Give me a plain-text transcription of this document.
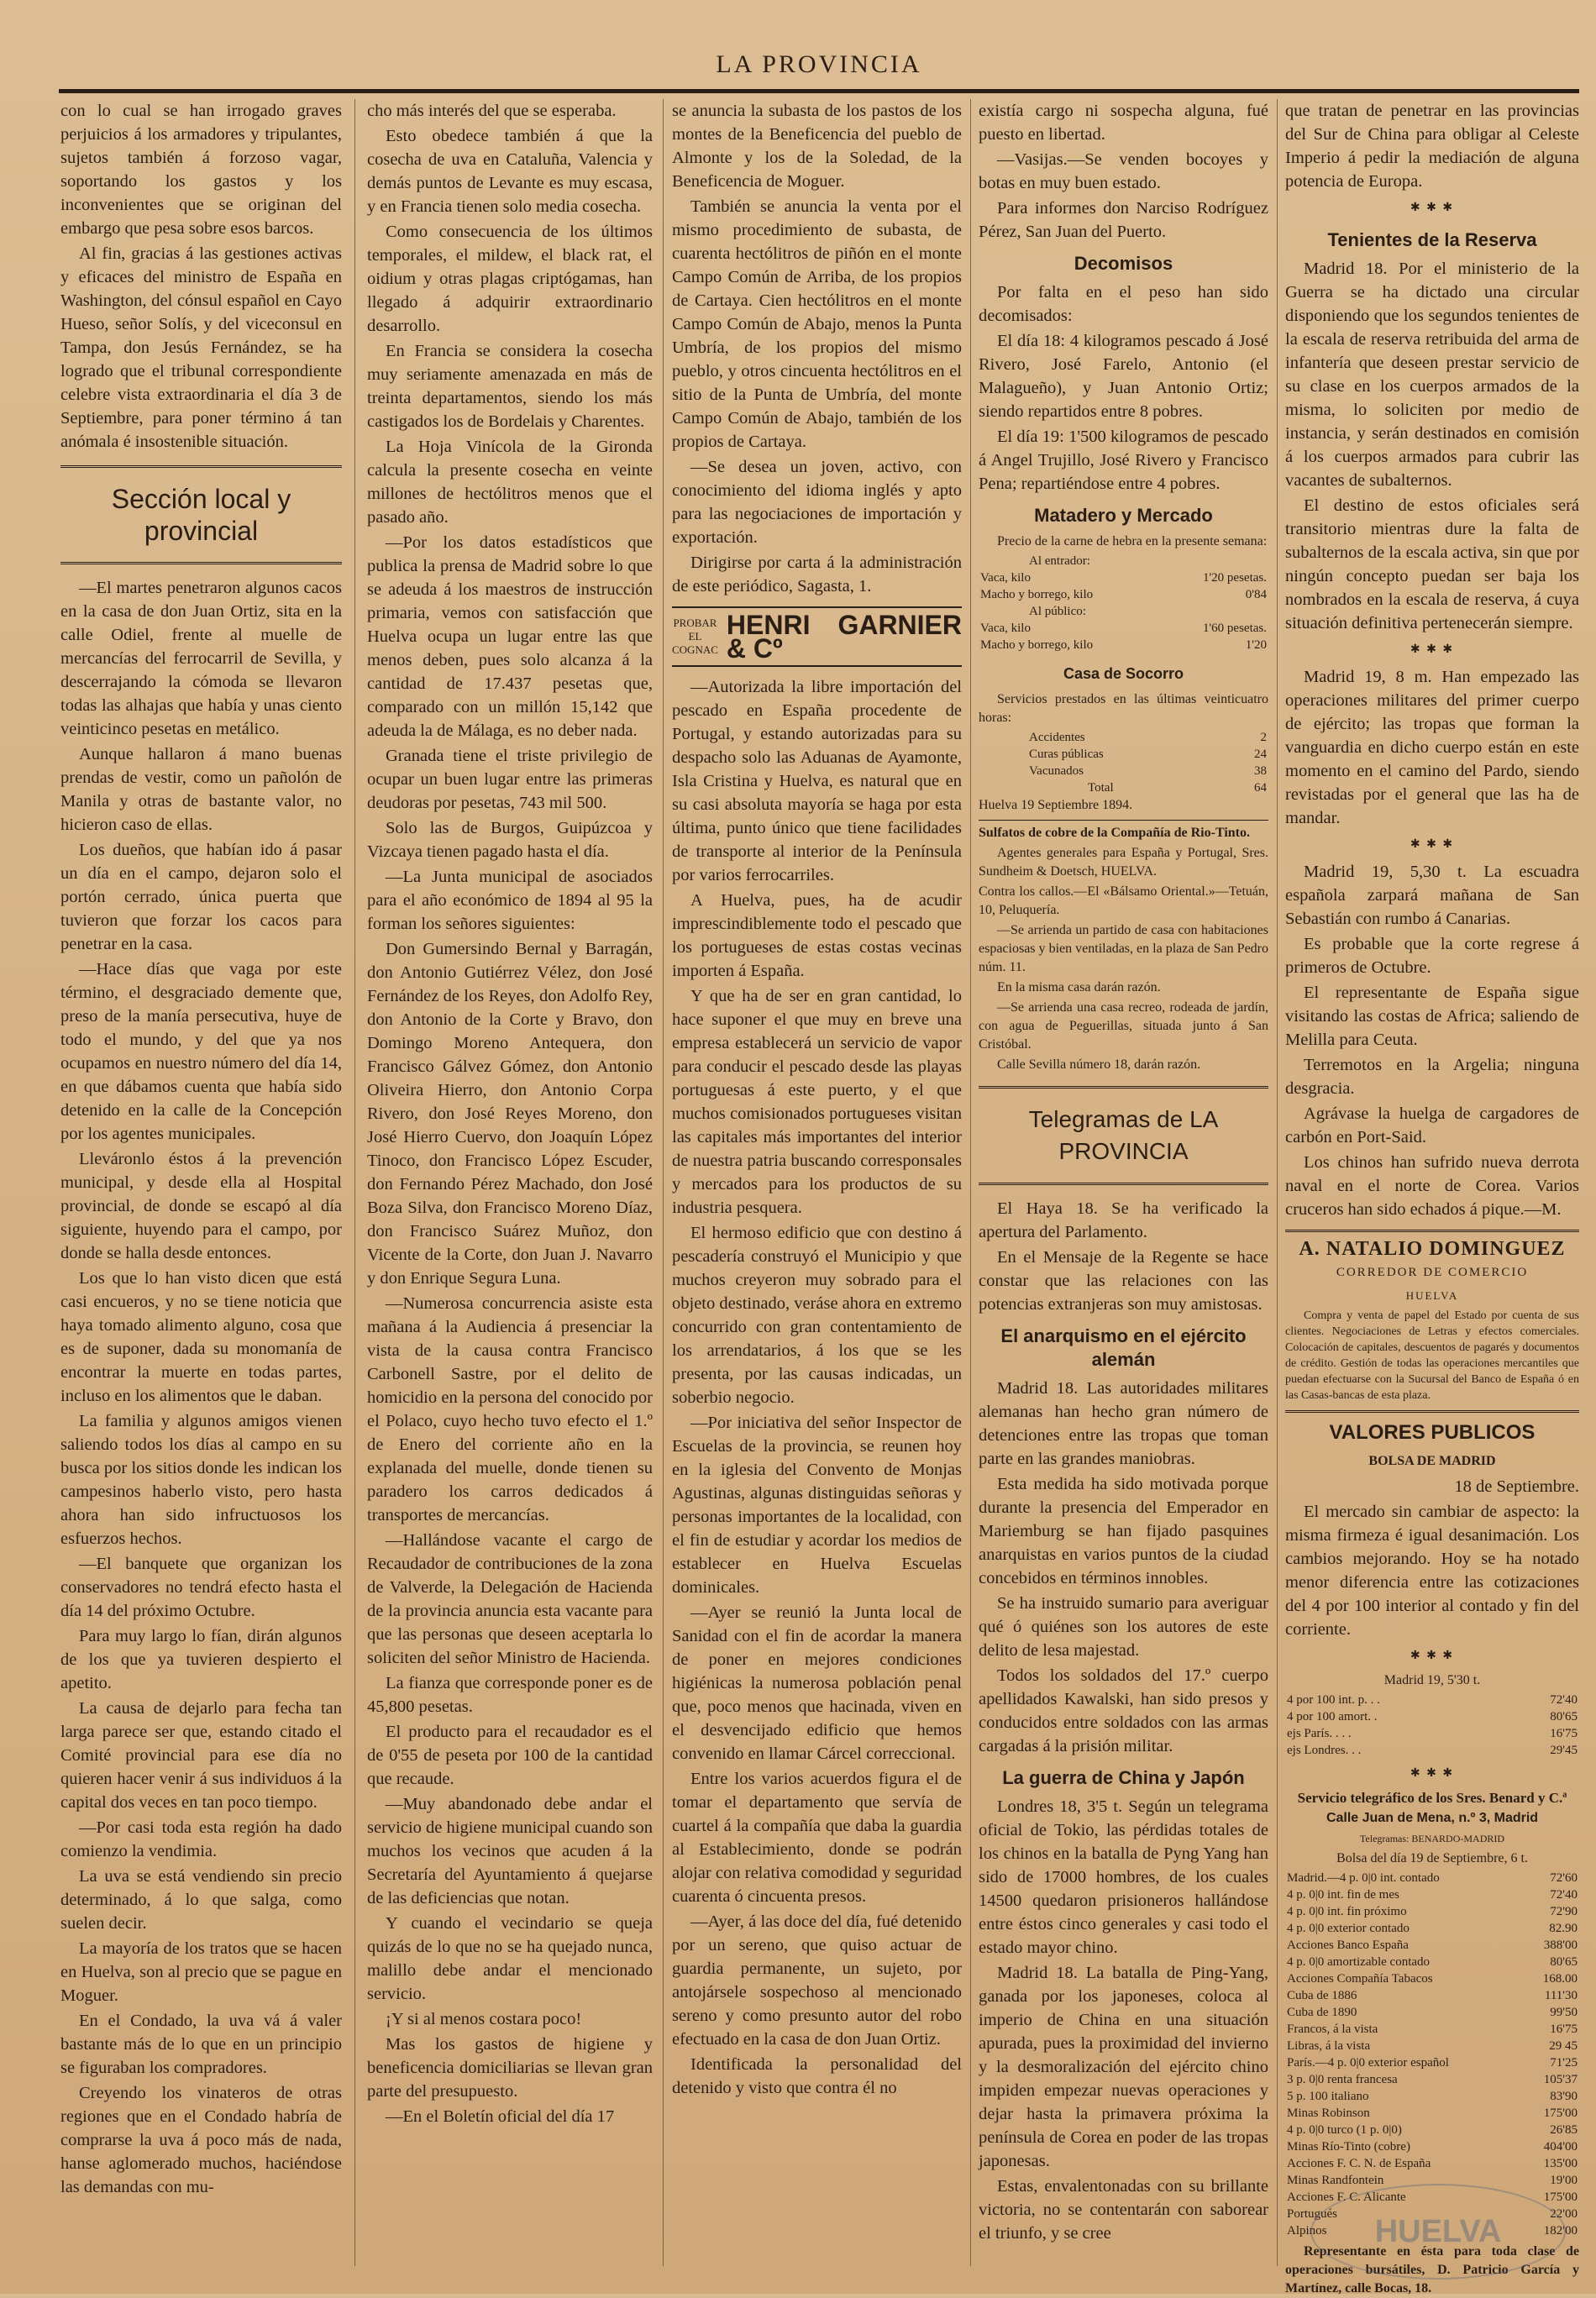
LA PROVINCIA

con lo cual se han irrogado graves perjuicios á los armadores y tripulantes, sujetos también á forzoso vagar, soportando los gastos y los inconvenientes que se originan del embargo que pesa sobre esos barcos.

Al fin, gracias á las gestiones activas y eficaces del ministro de España en Washington, del cónsul español en Cayo Hueso, señor Solís, y del viceconsul en Tampa, don Jesús Fernández, se ha logrado que el tribunal correspondiente celebre vista extraordinaria el día 3 de Septiembre, para poner término á tan anómala é insostenible situación.

Sección local y provincial

—El martes penetraron algunos cacos en la casa de don Juan Ortiz, sita en la calle Odiel, frente al muelle de mercancías del ferrocarril de Sevilla, y descerrajando la cómoda se llevaron todas las alhajas que había y unas ciento veinticinco pesetas en metálico.

Aunque hallaron á mano buenas prendas de vestir, como un pañolón de Manila y otras de bastante valor, no hicieron caso de ellas.

Los dueños, que habían ido á pasar un día en el campo, dejaron solo el portón cerrado, única puerta que tuvieron que forzar los cacos para penetrar en la casa.

—Hace días que vaga por este término, el desgraciado demente que, preso de la manía persecutiva, huye de todo el mundo, y del que ya nos ocupamos en nuestro número del día 14, en que dábamos cuenta que había sido detenido en la calle de la Concepción por los agentes municipales.

Lleváronlo éstos á la prevención municipal, y desde ella al Hospital provincial, de donde se escapó al día siguiente, huyendo para el campo, por donde se halla desde entonces.

Los que lo han visto dicen que está casi encueros, y no se tiene noticia que haya tomado alimento alguno, cosa que es de suponer, dada su monomanía de encontrar la muerte en todas partes, incluso en los alimentos que le daban.

La familia y algunos amigos vienen saliendo todos los días al campo en su busca por los sitios donde les indican los campesinos haberlo visto, pero hasta ahora han sido infructuosos los esfuerzos hechos.

—El banquete que organizan los conservadores no tendrá efecto hasta el día 14 del próximo Octubre.

Para muy largo lo fían, dirán algunos de los que ya tuvieren despierto el apetito.

La causa de dejarlo para fecha tan larga parece ser que, estando citado el Comité provincial para ese día no quieren hacer venir á sus individuos á la capital dos veces en tan poco tiempo.

—Por casi toda esta región ha dado comienzo la vendimia.

La uva se está vendiendo sin precio determinado, á lo que salga, como suelen decir.

La mayoría de los tratos que se hacen en Huelva, son al precio que se pague en Moguer.

En el Condado, la uva vá á valer bastante más de lo que en un principio se figuraban los compradores.

Creyendo los vinateros de otras regiones que en el Condado habría de comprarse la uva á poco más de nada, hanse aglomerado muchos, haciéndose las demandas con mu-

cho más interés del que se esperaba.

Esto obedece también á que la cosecha de uva en Cataluña, Valencia y demás puntos de Levante es muy escasa, y en Francia tienen solo media cosecha.

Como consecuencia de los últimos temporales, el mildew, el black rat, el oidium y otras plagas criptógamas, han llegado á adquirir extraordinario desarrollo.

En Francia se considera la cosecha muy seriamente amenazada en más de treinta departamentos, siendo los más castigados los de Bordelais y Charentes.

La Hoja Vinícola de la Gironda calcula la presente cosecha en veinte millones de hectólitros menos que el pasado año.

—Por los datos estadísticos que publica la prensa de Madrid sobre lo que se adeuda á los maestros de instrucción primaria, vemos con satisfacción que Huelva ocupa un lugar entre las que menos deben, pues solo alcanza á la cantidad de 17.437 pesetas que, comparado con un millón 15,142 que adeuda la de Málaga, es no deber nada.

Granada tiene el triste privilegio de ocupar un buen lugar entre las primeras deudoras por pesetas, 743 mil 500.

Solo las de Burgos, Guipúzcoa y Vizcaya tienen pagado hasta el día.

—La Junta municipal de asociados para el año económico de 1894 al 95 la forman los señores siguientes:

Don Gumersindo Bernal y Barragán, don Antonio Gutiérrez Vélez, don José Fernández de los Reyes, don Adolfo Rey, don Antonio de la Corte y Bravo, don Domingo Moreno Antequera, don Francisco Gálvez Gómez, don Antonio Oliveira Hierro, don Antonio Corpa Rivero, don José Reyes Moreno, don José Hierro Cuervo, don Joaquín López Tinoco, don Francisco López Escuder, don Fernando Pérez Machado, don José Boza Silva, don Francisco Moreno Díaz, don Francisco Suárez Muñoz, don Vicente de la Corte, don Juan J. Navarro y don Enrique Segura Luna.

—Numerosa concurrencia asiste esta mañana á la Audiencia á presenciar la vista de la causa contra Francisco Carbonell Sastre, por el delito de homicidio en la persona del conocido por el Polaco, cuyo hecho tuvo efecto el 1.º de Enero del corriente año en la explanada del muelle, donde tienen su paradero los carros dedicados á transportes de mercancías.

—Hallándose vacante el cargo de Recaudador de contribuciones de la zona de Valverde, la Delegación de Hacienda de la provincia anuncia esta vacante para que las personas que deseen aceptarla lo soliciten del señor Ministro de Hacienda.

La fianza que corresponde poner es de 45,800 pesetas.

El producto para el recaudador es el de 0'55 de peseta por 100 de la cantidad que recaude.

—Muy abandonado debe andar el servicio de higiene municipal cuando son muchos los vecinos que acuden á la Secretaría del Ayuntamiento á quejarse de las deficiencias que notan.

Y cuando el vecindario se queja quizás de lo que no se ha quejado nunca, malillo debe andar el mencionado servicio.

¡Y si al menos costara poco!

Mas los gastos de higiene y beneficencia domiciliarias se llevan gran parte del presupuesto.

—En el Boletín oficial del día 17

se anuncia la subasta de los pastos de los montes de la Beneficencia del pueblo de Almonte y los de la Soledad, de la Beneficencia de Moguer.

También se anuncia la venta por el mismo procedimiento de subasta, de cuarenta hectólitros de piñón en el monte Campo Común de Arriba, de los propios de Cartaya. Cien hectólitros en el monte Campo Común de Abajo, menos la Punta Umbría, de los propios del mismo pueblo, y otros cincuenta hectólitros en el sitio de la Punta de Umbría, del monte Campo Común de Abajo, también de los propios de Cartaya.

—Se desea un joven, activo, con conocimiento del idioma inglés y apto para las negociaciones de importación y exportación.

Dirigirse por carta á la administración de este periódico, Sagasta, 1.

PROBAR
EL
COGNAC
HENRI GARNIER & Cº

—Autorizada la libre importación del pescado en España procedente de Portugal, y estando autorizadas para su despacho solo las Aduanas de Ayamonte, Isla Cristina y Huelva, es natural que en su casi absoluta mayoría se haga por esta última, punto único que tiene facilidades de transporte al interior de la Península por varios ferrocarriles.

A Huelva, pues, ha de acudir imprescindiblemente todo el pescado que los portugueses de estas costas vecinas importen á España.

Y que ha de ser en gran cantidad, lo hace suponer el que muy en breve una empresa establecerá un servicio de vapor para conducir el pescado desde las playas portuguesas á este puerto, y el que muchos comisionados portugueses visitan las capitales más importantes del interior de nuestra patria buscando corresponsales y mercados para los productos de su industria pesquera.

El hermoso edificio que con destino á pescadería construyó el Municipio y que muchos creyeron muy sobrado para el objeto destinado, veráse ahora en extremo concurrido con gran contentamiento de los arrendatarios, á los que se les presenta, por las causas indicadas, un soberbio negocio.

—Por iniciativa del señor Inspector de Escuelas de la provincia, se reunen hoy en la iglesia del Convento de Monjas Agustinas, algunas distinguidas señoras y personas importantes de la localidad, con el fin de estudiar y acordar los medios de establecer en Huelva Escuelas dominicales.

—Ayer se reunió la Junta local de Sanidad con el fin de acordar la manera de poner en mejores condiciones higiénicas la numerosa población penal que, poco menos que hacinada, viven en el desvencijado edificio que hemos convenido en llamar Cárcel correccional.

Entre los varios acuerdos figura el de tomar el departamento que servía de cuartel á la compañía que daba la guardia al Establecimiento, donde se podrán alojar con relativa comodidad y seguridad cuarenta ó cincuenta presos.

—Ayer, á las doce del día, fué detenido por un sereno, que quiso actuar de guardia permanente, un sujeto, por antojársele sospechoso al mencionado sereno y como presunto autor del robo efectuado en la casa de don Juan Ortiz.

Identificada la personalidad del detenido y visto que contra él no

existía cargo ni sospecha alguna, fué puesto en libertad.

—Vasijas.—Se venden bocoyes y botas en muy buen estado.

Para informes don Narciso Rodríguez Pérez, San Juan del Puerto.

Decomisos

Por falta en el peso han sido decomisados:

El día 18: 4 kilogramos pescado á José Rivero, José Farelo, Antonio (el Malagueño), y Juan Antonio Ortiz; siendo repartidos entre 8 pobres.

El día 19: 1'500 kilogramos de pescado á Angel Trujillo, José Rivero y Francisco Pena; repartiéndose entre 4 pobres.

Matadero y Mercado

Precio de la carne de hebra en la presente semana:

Al entrador:	
Vaca, kilo	1'20 pesetas.
Macho y borrego, kilo	0'84
Al público:	
Vaca, kilo	1'60 pesetas.
Macho y borrego, kilo	1'20
Casa de Socorro

Servicios prestados en las últimas veinticuatro horas:

Accidentes	2
Curas públicas	24
Vacunados	38
Total	64

Huelva 19 Septiembre 1894.

Sulfatos de cobre de la Compañía de Rio-Tinto.

Agentes generales para España y Portugal, Sres. Sundheim & Doetsch, HUELVA.

Contra los callos.—El «Bálsamo Oriental.»—Tetuán, 10, Peluquería.

—Se arrienda un partido de casa con habitaciones espaciosas y bien ventiladas, en la plaza de San Pedro núm. 11.

En la misma casa darán razón.

—Se arrienda una casa recreo, rodeada de jardín, con agua de Peguerillas, situada junto á San Cristóbal.

Calle Sevilla número 18, darán razón.

Telegramas de LA PROVINCIA

El Haya 18. Se ha verificado la apertura del Parlamento.

En el Mensaje de la Regente se hace constar que las relaciones con las potencias extranjeras son muy amistosas.

El anarquismo en el ejército alemán

Madrid 18. Las autoridades militares alemanas han hecho gran número de detenciones entre las tropas que toman parte en las grandes maniobras.

Esta medida ha sido motivada porque durante la presencia del Emperador en Mariemburg se han fijado pasquines anarquistas en varios puntos de la ciudad concebidos en términos innobles.

Se ha instruido sumario para averiguar qué ó quiénes son los autores de este delito de lesa majestad.

Todos los soldados del 17.º cuerpo apellidados Kawalski, han sido presos y conducidos entre soldados con las armas cargadas á la prisión militar.

La guerra de China y Japón

Londres 18, 3'5 t. Según un telegrama oficial de Tokio, las pérdidas totales de los chinos en la batalla de Pyng Yang han sido de 17000 hombres, de los cuales 14500 quedaron prisioneros hallándose entre éstos cinco generales y casi todo el estado mayor chino.

Madrid 18. La batalla de Ping-Yang, ganada por los japoneses, coloca al imperio de China en una situación apurada, pues la proximidad del invierno y la desmoralización del ejército chino impiden empezar nuevas operaciones y dejar hasta la primavera próxima la península de Corea en poder de las tropas japonesas.

Estas, envalentonadas con su brillante victoria, no se contentarán con saborear el triunfo, y se cree

que tratan de penetrar en las provincias del Sur de China para obligar al Celeste Imperio á pedir la mediación de alguna potencia de Europa.

✱ ✱ ✱
Tenientes de la Reserva

Madrid 18. Por el ministerio de la Guerra se ha dictado una circular disponiendo que los segundos tenientes de la escala de reserva retribuida del arma de infantería que deseen prestar servicio de su clase en los cuerpos armados de la misma, lo soliciten por medio de instancia, y serán destinados en comisión á los cuerpos armados para cubrir las vacantes de subalternos.

El destino de estos oficiales será transitorio mientras dure la falta de subalternos de la escala activa, sin que por ningún concepto puedan ser baja los nombrados en la escala de reserva, á cuya situación definitiva pertenecerán siempre.

✱ ✱ ✱

Madrid 19, 8 m. Han empezado las operaciones militares del primer cuerpo de ejército; las tropas que forman la vanguardia en dicho cuerpo están en este momento en el camino del Pardo, siendo revistadas por el general que las ha de mandar.

✱ ✱ ✱

Madrid 19, 5,30 t. La escuadra española zarpará mañana de San Sebastián con rumbo á Canarias.

Es probable que la corte regrese á primeros de Octubre.

El representante de España sigue visitando las costas de Africa; saliendo de Melilla para Ceuta.

Terremotos en la Argelia; ninguna desgracia.

Agrávase la huelga de cargadores de carbón en Port-Said.

Los chinos han sufrido nueva derrota naval en el norte de Corea. Varios cruceros han sido echados á pique.—M.

A. NATALIO DOMINGUEZ
CORREDOR DE COMERCIO
HUELVA

Compra y venta de papel del Estado por cuenta de sus clientes. Negociaciones de Letras y efectos comerciales. Colocación de capitales, descuentos de pagarés y documentos de crédito. Gestión de todas las operaciones mercantiles que puedan efectuarse con la Sucursal del Banco de España ó en las Casas-bancas de esta plaza.

VALORES PUBLICOS
BOLSA DE MADRID

18 de Septiembre.

El mercado sin cambiar de aspecto: la misma firmeza é igual desanimación. Los cambios mejorando. Hoy se ha notado menor diferencia entre las cotizaciones del 4 por 100 interior al contado y fin del corriente.

✱ ✱ ✱

Madrid 19, 5'30 t.

4 por 100 int. p. . .	72'40
4 por 100 amort. .	80'65
ejs París. . . .	16'75
ejs Londres. . .	29'45
✱ ✱ ✱

Servicio telegráfico de los Sres. Benard y C.ª

Calle Juan de Mena, n.º 3, Madrid

Telegramas: BENARDO-MADRID

Bolsa del día 19 de Septiembre, 6 t.

Madrid.—4 p. 0|0 int. contado	72'60
4 p. 0|0 int. fin de mes	72'40
4 p. 0|0 int. fin próximo	72'90
4 p. 0|0 exterior contado	82.90
Acciones Banco España	388'00
4 p. 0|0 amortizable contado	80'65
Acciones Compañía Tabacos	168.00
Cuba de 1886	111'30
Cuba de 1890	99'50
Francos, á la vista	16'75
Libras, á la vista	29 45
París.—4 p. 0|0 exterior español	71'25
3 p. 0|0 renta francesa	105'37
5 p. 100 italiano	83'90
Minas Robinson	175'00
4 p. 0|0 turco (1 p. 0|0)	26'85
Minas Río-Tinto (cobre)	404'00
Acciones F. C. N. de España	135'00
Minas Randfontein	19'00
Acciones F. C. Alicante	175'00
Portugués	22'00
Alpinos	182'00

Representante en ésta para toda clase de operaciones bursátiles, D. Patricio García y Martínez, calle Bocas, 18.

HUELVA
